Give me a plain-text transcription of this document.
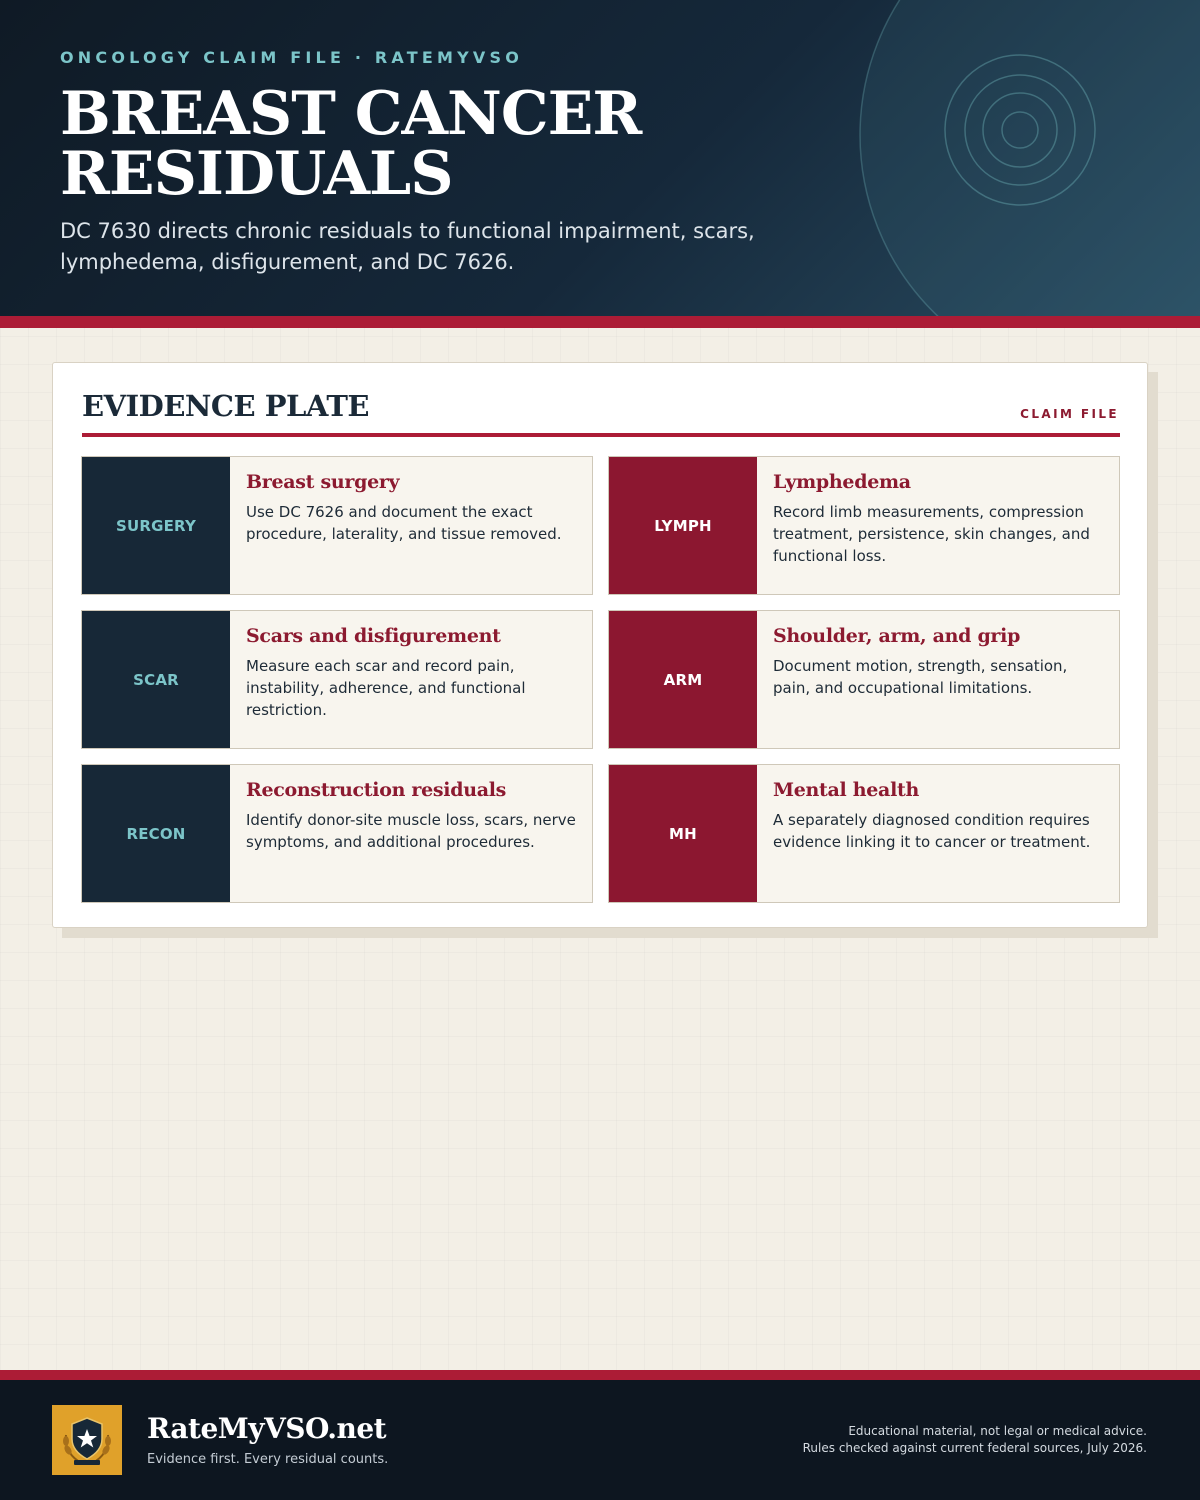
ONCOLOGY CLAIM FILE · RATEMYVSO
BREAST CANCER
RESIDUALS

DC 7630 directs chronic residuals to functional impairment, scars, lymphedema, disfigurement, and DC 7626.

EVIDENCE PLATE	CLAIM FILE
SURGERY
Breast surgery
Use DC 7626 and document the exact procedure, laterality, and tissue removed.	LYMPH
Lymphedema
Record limb measurements, compression treatment, persistence, skin changes, and functional loss.
SCAR
Scars and disfigurement
Measure each scar and record pain, instability, adherence, and functional restriction.
ARM
Shoulder, arm, and grip
Document motion, strength, sensation, pain, and occupational limitations.
RECON
Reconstruction residuals
Identify donor-site muscle loss, scars, nerve symptoms, and additional procedures.	MH
Mental health
A separately diagnosed condition requires evidence linking it to cancer or treatment.
RateMyVSO.net
Evidence first. Every residual counts.
Educational material, not legal or medical advice.
Rules checked against current federal sources, July 2026.
